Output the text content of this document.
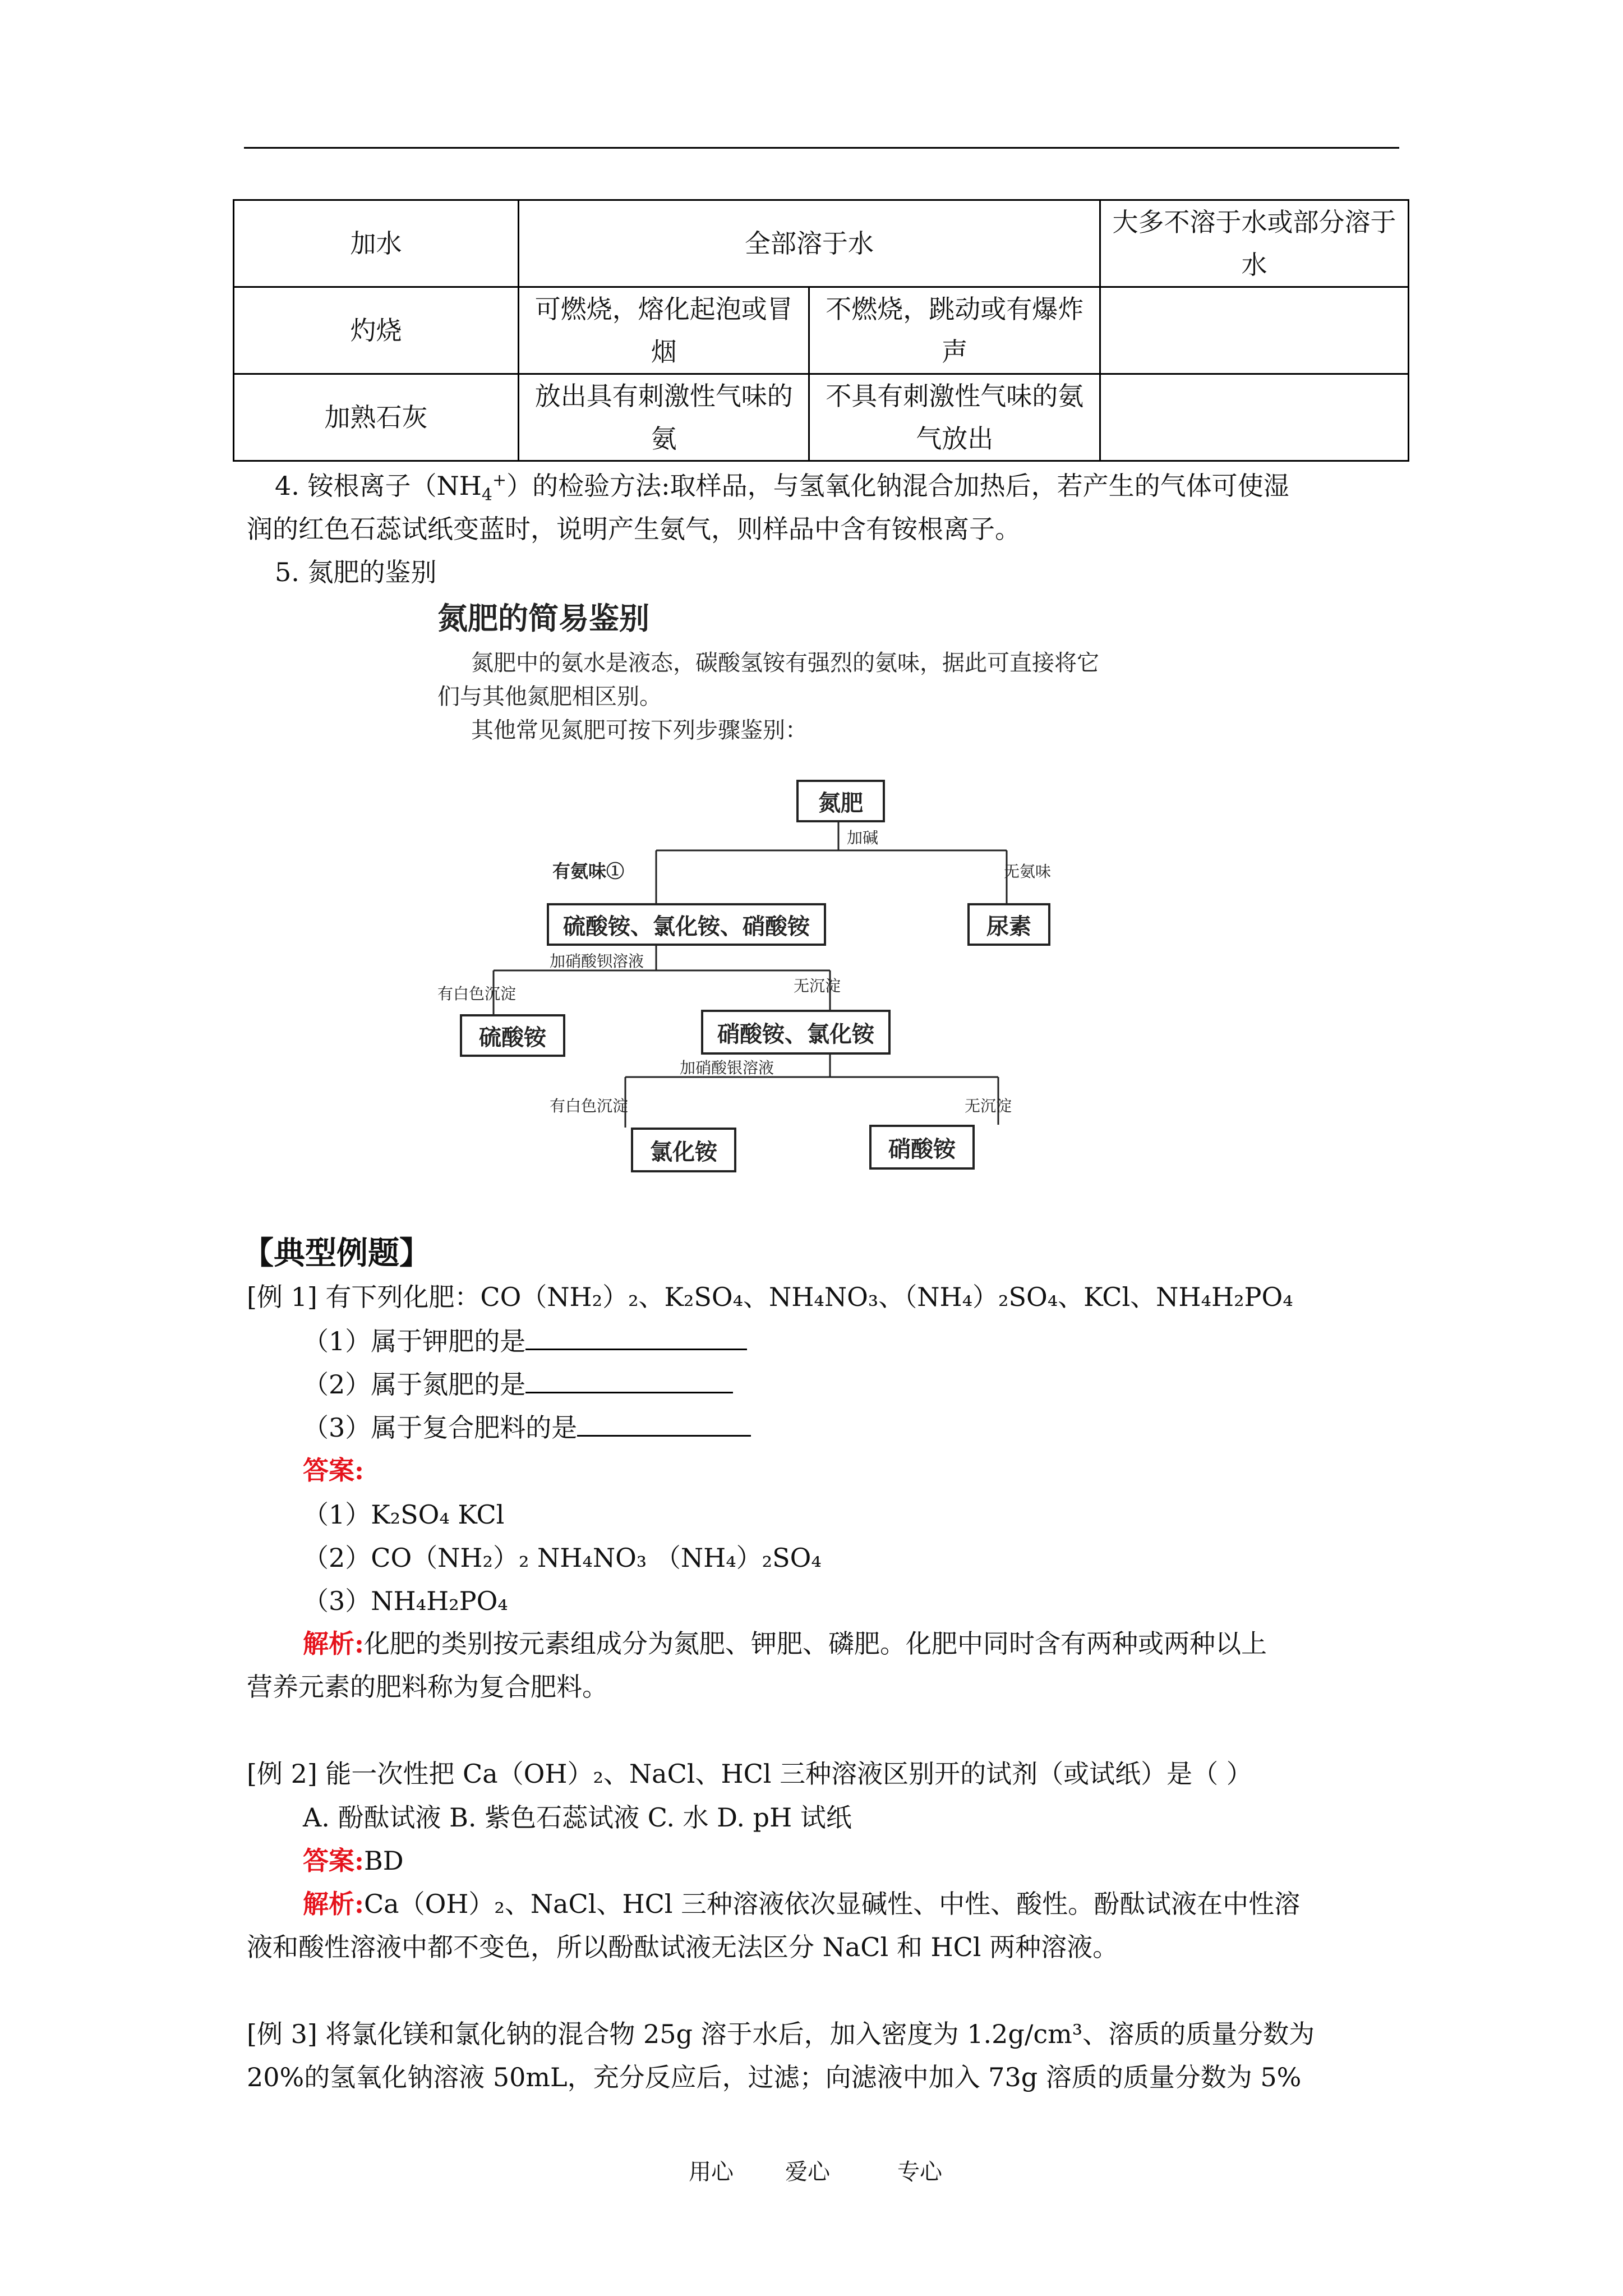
加水	全部溶于水		大多不溶于水或部分溶于水
灼烧	可燃烧，熔化起泡或冒烟	不燃烧，跳动或有爆炸声	
加熟石灰	放出具有刺激性气味的氨	不具有刺激性气味的氨气放出	
4. 铵根离子$(NH_4^+)$的检验方法:取样品，与氢氧化钠混合加热后，若产生的气体可使湿
润的红色石蕊试纸变蓝时，说明产生氨气，则样品中含有铵根离子。
5. 氮肥的鉴别
氮肥的简易鉴别
氮肥中的氨水是液态，碳酸氢铵有强烈的氨味，据此可直接将它
们与其他氮肥相区别。
其他常见氮肥可按下列步骤鉴别：
氮肥
加碱
有氨味①	无氨味
硫酸铵、氯化铵、硝酸铵	尿素
加硝酸钡溶液
有白色沉淀	无沉淀
硫酸铵	硝酸铵、氯化铵
加硝酸银溶液
有白色沉淀	无沉淀
氯化铵	硝酸铵
【典型例题】
[例 1] 有下列化肥：CO（NH₂）₂、K₂SO₄、NH₄NO₃、（NH₄）₂SO₄、KCl、NH₄H₂PO₄
（1）属于钾肥的是
（2）属于氮肥的是
（3）属于复合肥料的是
答案:
（1）K₂SO₄ KCl
（2）CO（NH₂）₂ NH₄NO₃ （NH₄）₂SO₄
（3）NH₄H₂PO₄
解析:化肥的类别按元素组成分为氮肥、钾肥、磷肥。化肥中同时含有两种或两种以上
营养元素的肥料称为复合肥料。
[例 2] 能一次性把 Ca（OH）₂、NaCl、HCl 三种溶液区别开的试剂（或试纸）是（ ）
A. 酚酞试液 B. 紫色石蕊试液 C. 水 D. pH 试纸
答案:BD
解析:Ca（OH）₂、NaCl、HCl 三种溶液依次显碱性、中性、酸性。酚酞试液在中性溶
液和酸性溶液中都不变色，所以酚酞试液无法区分 NaCl 和 HCl 两种溶液。
[例 3] 将氯化镁和氯化钠的混合物 25g 溶于水后，加入密度为 1.2g/cm³、溶质的质量分数为
20%的氢氧化钠溶液 50mL，充分反应后，过滤；向滤液中加入 73g 溶质的质量分数为 5%
用心 爱心	专心
